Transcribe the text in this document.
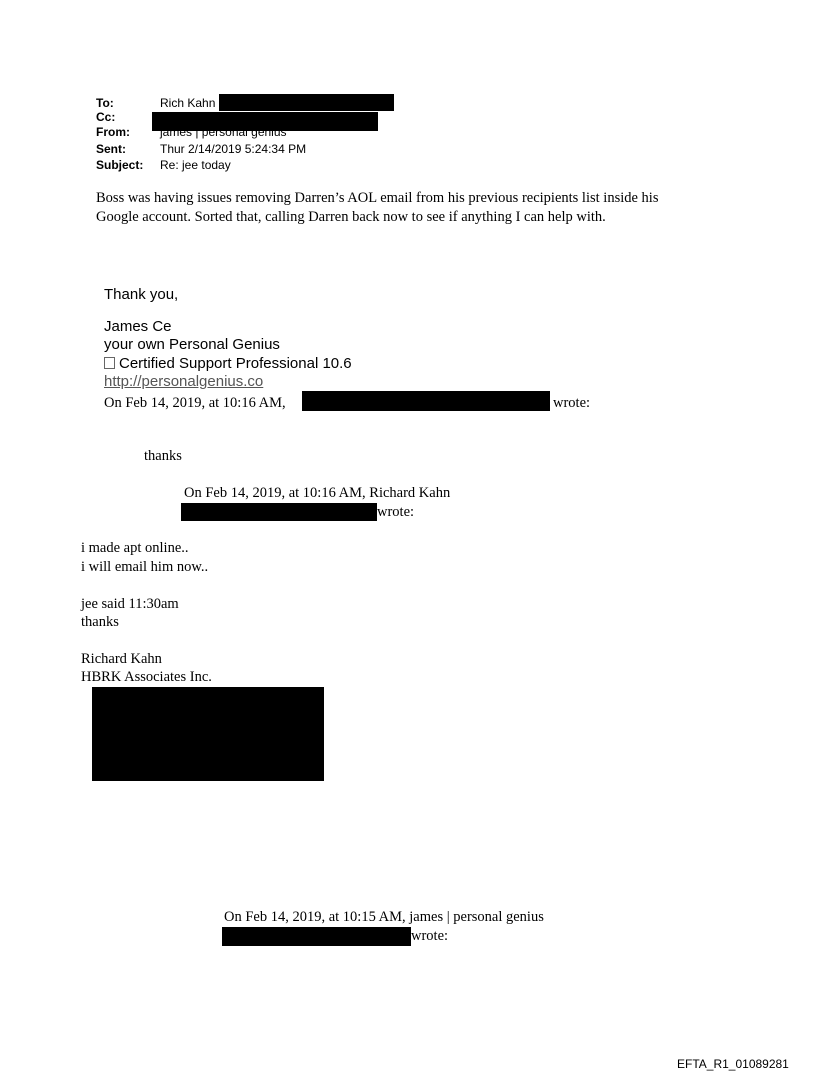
To:	Rich Kahn
Cc:
From:	james | personal genius
Sent:	Thur 2/14/2019 5:24:34 PM
Subject: Re: jee today
Boss was having issues removing Darren’s AOL email from his previous recipients list inside his
Google account. Sorted that, calling Darren back now to see if anything I can help with.
Thank you,
James Ce
your own Personal Genius
Certified Support Professional 10.6
http://personalgenius.co
On Feb 14, 2019, at 10:16 AM,	wrote:
thanks
On Feb 14, 2019, at 10:16 AM, Richard Kahn
wrote:
i made apt online..
i will email him now..
jee said 11:30am
thanks
Richard Kahn
HBRK Associates Inc.
On Feb 14, 2019, at 10:15 AM, james | personal genius
wrote:
EFTA_R1_01089281
